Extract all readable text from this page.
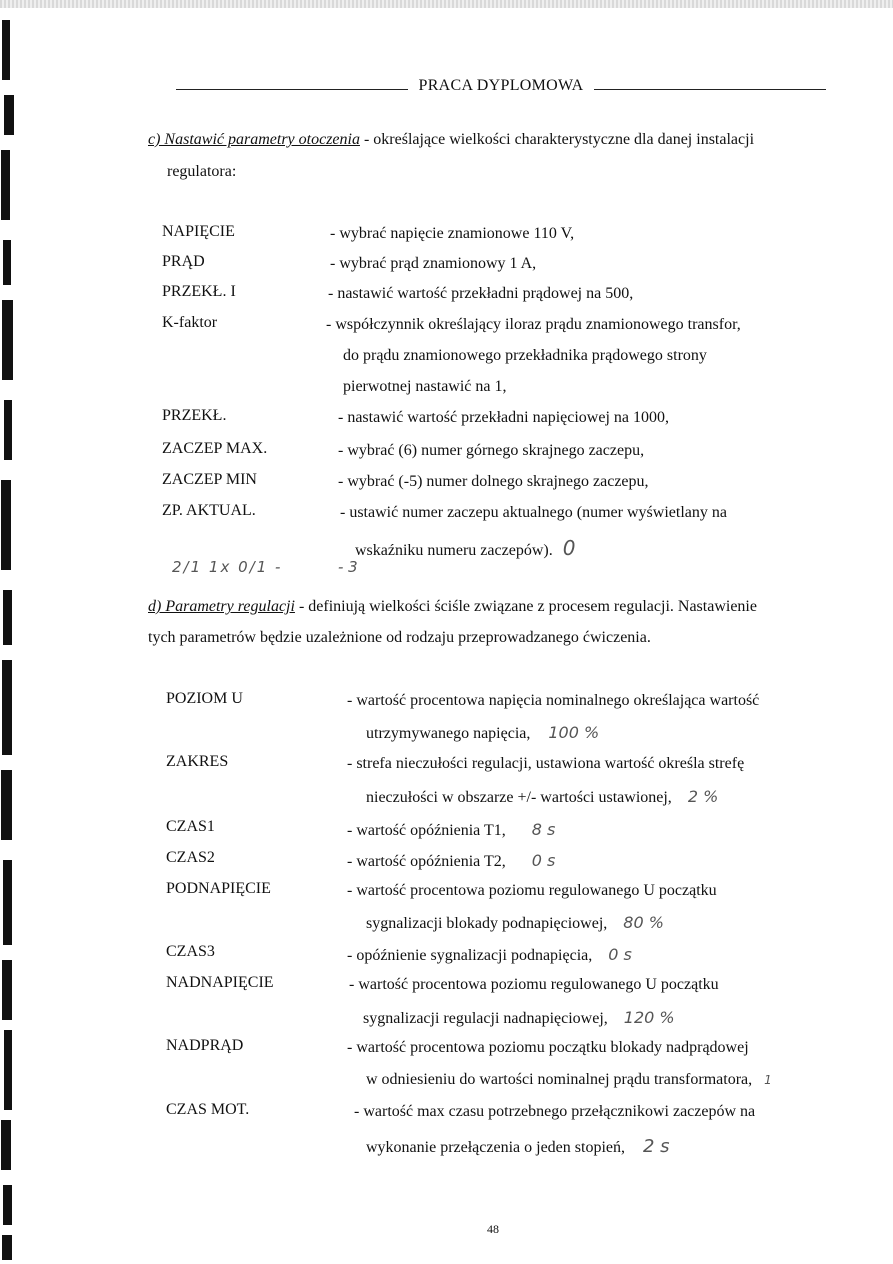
PRACA DYPLOMOWA
c) Nastawić parametry otoczenia - określające wielkości charakterystyczne dla danej instalacji
regulatora:
NAPIĘCIE	- wybrać napięcie znamionowe 110 V,
PRĄD	- wybrać prąd znamionowy 1 A,
PRZEKŁ. I	- nastawić wartość przekładni prądowej na 500,
K-faktor	- współczynnik określający iloraz prądu znamionowego transfor,
do prądu znamionowego przekładnika prądowego strony
pierwotnej nastawić na 1,
PRZEKŁ.	- nastawić wartość przekładni napięciowej na 1000,
ZACZEP MAX.	- wybrać (6) numer górnego skrajnego zaczepu,
ZACZEP MIN	- wybrać (-5) numer dolnego skrajnego zaczepu,
ZP. AKTUAL.	- ustawić numer zaczepu aktualnego (numer wyświetlany na
wskaźniku numeru zaczepów). 0
2/1 1x 0/1 -	- 3
d) Parametry regulacji - definiują wielkości ściśle związane z procesem regulacji. Nastawienie
tych parametrów będzie uzależnione od rodzaju przeprowadzanego ćwiczenia.
POZIOM U	- wartość procentowa napięcia nominalnego określająca wartość
utrzymywanego napięcia, 100 %
ZAKRES	- strefa nieczułości regulacji, ustawiona wartość określa strefę
nieczułości w obszarze +/- wartości ustawionej, 2 %
CZAS1	- wartość opóźnienia T1, 8 s
CZAS2	- wartość opóźnienia T2, 0 s
PODNAPIĘCIE	- wartość procentowa poziomu regulowanego U początku
sygnalizacji blokady podnapięciowej, 80 %
CZAS3	- opóźnienie sygnalizacji podnapięcia, 0 s
NADNAPIĘCIE	- wartość procentowa poziomu regulowanego U początku
sygnalizacji regulacji nadnapięciowej, 120 %
NADPRĄD	- wartość procentowa poziomu początku blokady nadprądowej
w odniesieniu do wartości nominalnej prądu transformatora, 1
CZAS MOT.	- wartość max czasu potrzebnego przełącznikowi zaczepów na
wykonanie przełączenia o jeden stopień, 2 s
48
